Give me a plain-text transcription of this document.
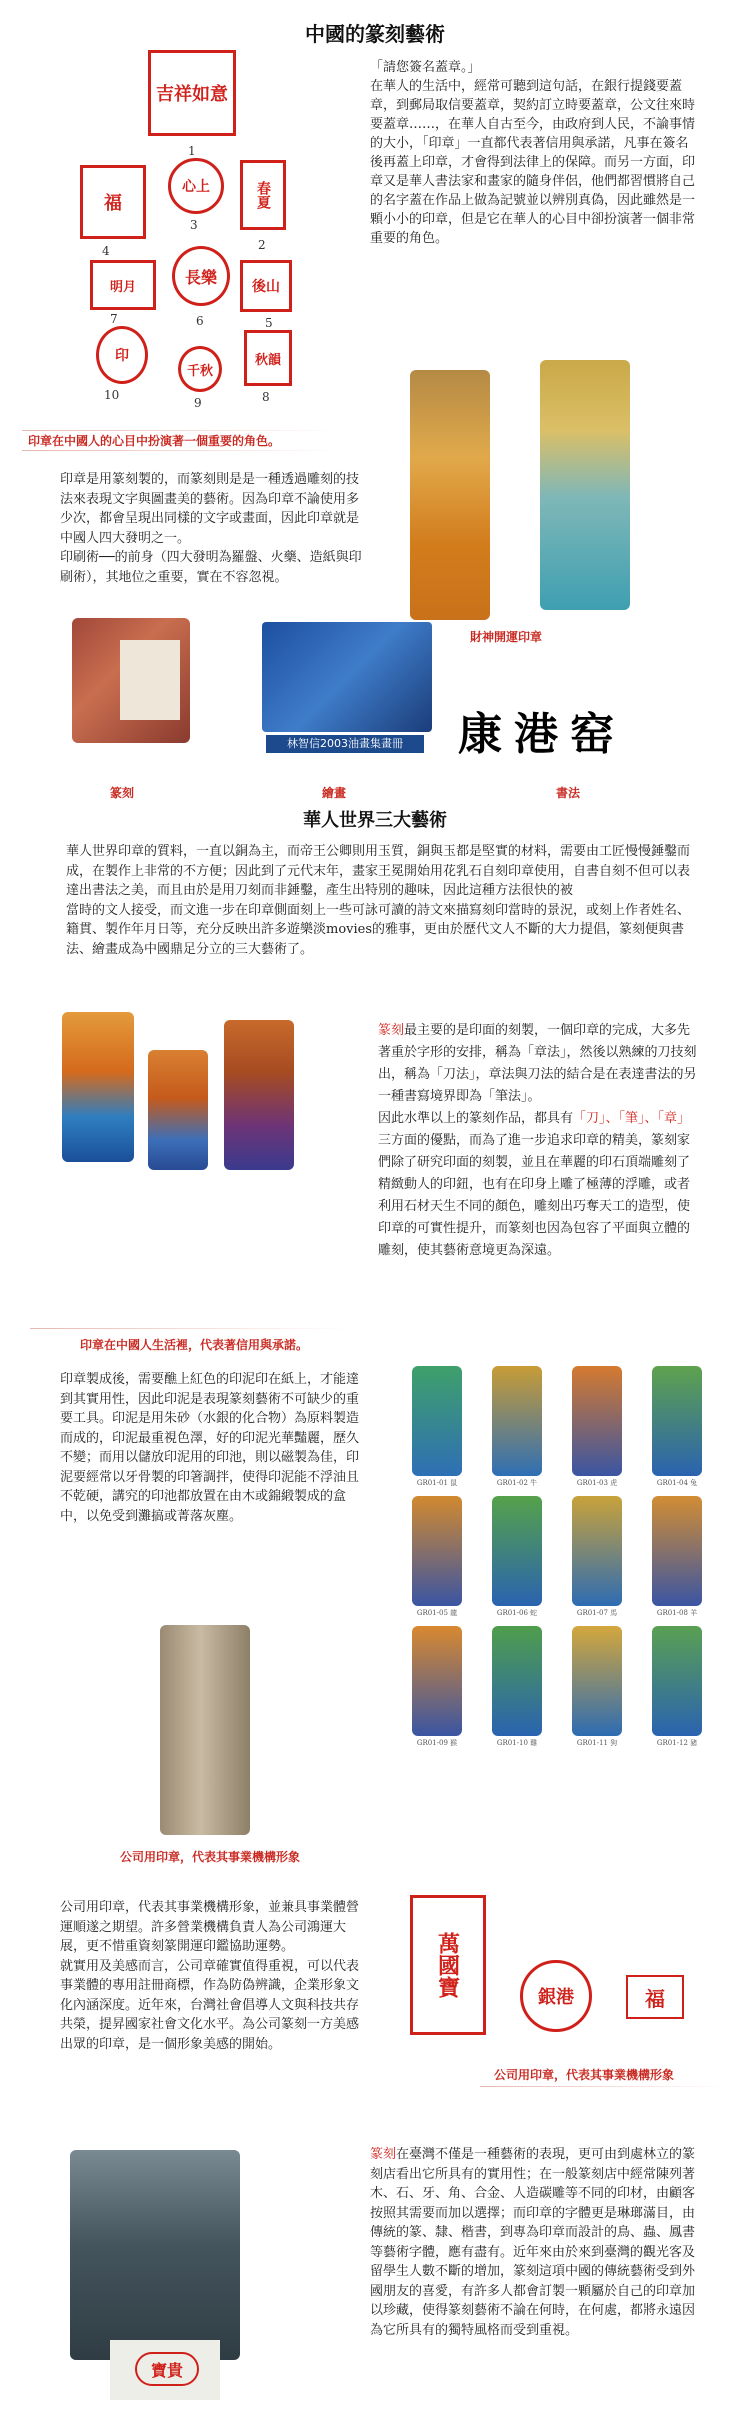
中國的篆刻藝術
吉祥如意
1
春夏
2
心上
3
福
4
後山
5
長樂
6
明月
7
秋韻
8
千秋
9
印
10
「請您簽名蓋章。」
在華人的生活中，經常可聽到這句話，在銀行提錢要蓋章，到郵局取信要蓋章，契約訂立時要蓋章，公文往來時要蓋章……，在華人自古至今，由政府到人民，不論事情的大小，「印章」一直都代表著信用與承諾，凡事在簽名後再蓋上印章，才會得到法律上的保障。而另一方面，印章又是華人書法家和畫家的隨身伴侶，他們都習慣將自己的名字蓋在作品上做為記號並以辨別真偽，因此雖然是一顆小小的印章，但是它在華人的心目中卻扮演著一個非常重要的角色。
印章在中國人的心目中扮演著一個重要的角色。
財神開運印章
印章是用篆刻製的，而篆刻則是是一種透過雕刻的技法來表現文字與圖畫美的藝術。因為印章不論使用多少次，都會呈現出同樣的文字或畫面，因此印章就是中國人四大發明之一。
印刷術──的前身（四大發明為羅盤、火藥、造紙與印刷術），其地位之重要，實在不容忽視。
林智信2003油畫集畫冊	康港窑
篆刻	繪畫	書法
華人世界三大藝術
華人世界印章的質料，一直以銅為主，而帝王公卿則用玉質，銅與玉都是堅實的材料，需要由工匠慢慢錘鑿而成，在製作上非常的不方便；因此到了元代末年，畫家王冕開始用花乳石自刻印章使用，自書自刻不但可以表達出書法之美，而且由於是用刀刻而非錘鑿，產生出特別的趣味，因此這種方法很快的被
當時的文人接受，而文進一步在印章側面刻上一些可詠可讀的詩文來描寫刻印當時的景況，或刻上作者姓名、籍貫、製作年月日等，充分反映出許多遊樂淡movies的雅事，更由於歷代文人不斷的大力提倡，篆刻便與書法、繪畫成為中國鼎足分立的三大藝術了。
印章在中國人生活裡，代表著信用與承諾。
篆刻最主要的是印面的刻製，一個印章的完成，大多先著重於字形的安排，稱為「章法」，然後以熟練的刀技刻出，稱為「刀法」，章法與刀法的結合是在表達書法的另一種書寫境界即為「筆法」。
因此水準以上的篆刻作品，都具有「刀」、「筆」、「章」三方面的優點，而為了進一步追求印章的精美，篆刻家們除了研究印面的刻製，並且在華麗的印石頂端雕刻了精緻動人的印鈕，也有在印身上雕了極薄的浮雕，或者利用石材天生不同的顏色，雕刻出巧奪天工的造型，使印章的可實性提升，而篆刻也因為包容了平面與立體的雕刻，使其藝術意境更為深遠。
印章製成後，需要醮上紅色的印泥印在紙上，才能達到其實用性，因此印泥是表現篆刻藝術不可缺少的重要工具。印泥是用朱砂（水銀的化合物）為原料製造而成的，印泥最重視色澤，好的印泥光華豔麗，歷久不變；而用以儲放印泥用的印池，則以磁製為佳，印泥要經常以牙骨製的印箸調拌，使得印泥能不浮油且不乾硬，講究的印池都放置在由木或錦緞製成的盒中，以免受到灘搞或菁落灰塵。
GR01-01 鼠	GR01-02 牛	GR01-03 虎	GR01-04 兔
GR01-05 龍	GR01-06 蛇	GR01-07 馬	GR01-08 羊
GR01-09 猴	GR01-10 雞	GR01-11 狗	GR01-12 豬
公司用印章，代表其事業機構形象
公司用印章，代表其事業機構形象，並兼具事業體營運順遂之期望。許多營業機構負責人為公司鴻運大展，更不惜重資刻篆開運印鑑協助運勢。
就實用及美感而言，公司章確實值得重視，可以代表事業體的專用註冊商標，作為防偽辨識，企業形象文化內涵深度。近年來，台灣社會倡導人文與科技共存共榮，提昇國家社會文化水平。為公司篆刻一方美感出眾的印章，是一個形象美感的開始。
萬國寶	銀港	福
公司用印章，代表其事業機構形象
寶貴
篆刻在臺灣不僅是一種藝術的表現，更可由到處林立的篆刻店看出它所具有的實用性；在一般篆刻店中經常陳列著木、石、牙、角、合金、人造碳雕等不同的印材，由顧客按照其需要而加以選擇；而印章的字體更是琳瑯滿目，由傳統的篆、隸、楷書，到專為印章而設計的鳥、蟲、鳳書等藝術字體，應有盡有。近年來由於來到臺灣的觀光客及留學生人數不斷的增加，篆刻這項中國的傳統藝術受到外國朋友的喜愛，有許多人都會訂製一顆屬於自己的印章加以珍藏，使得篆刻藝術不論在何時，在何處，都將永遠因為它所具有的獨特風格而受到重視。
